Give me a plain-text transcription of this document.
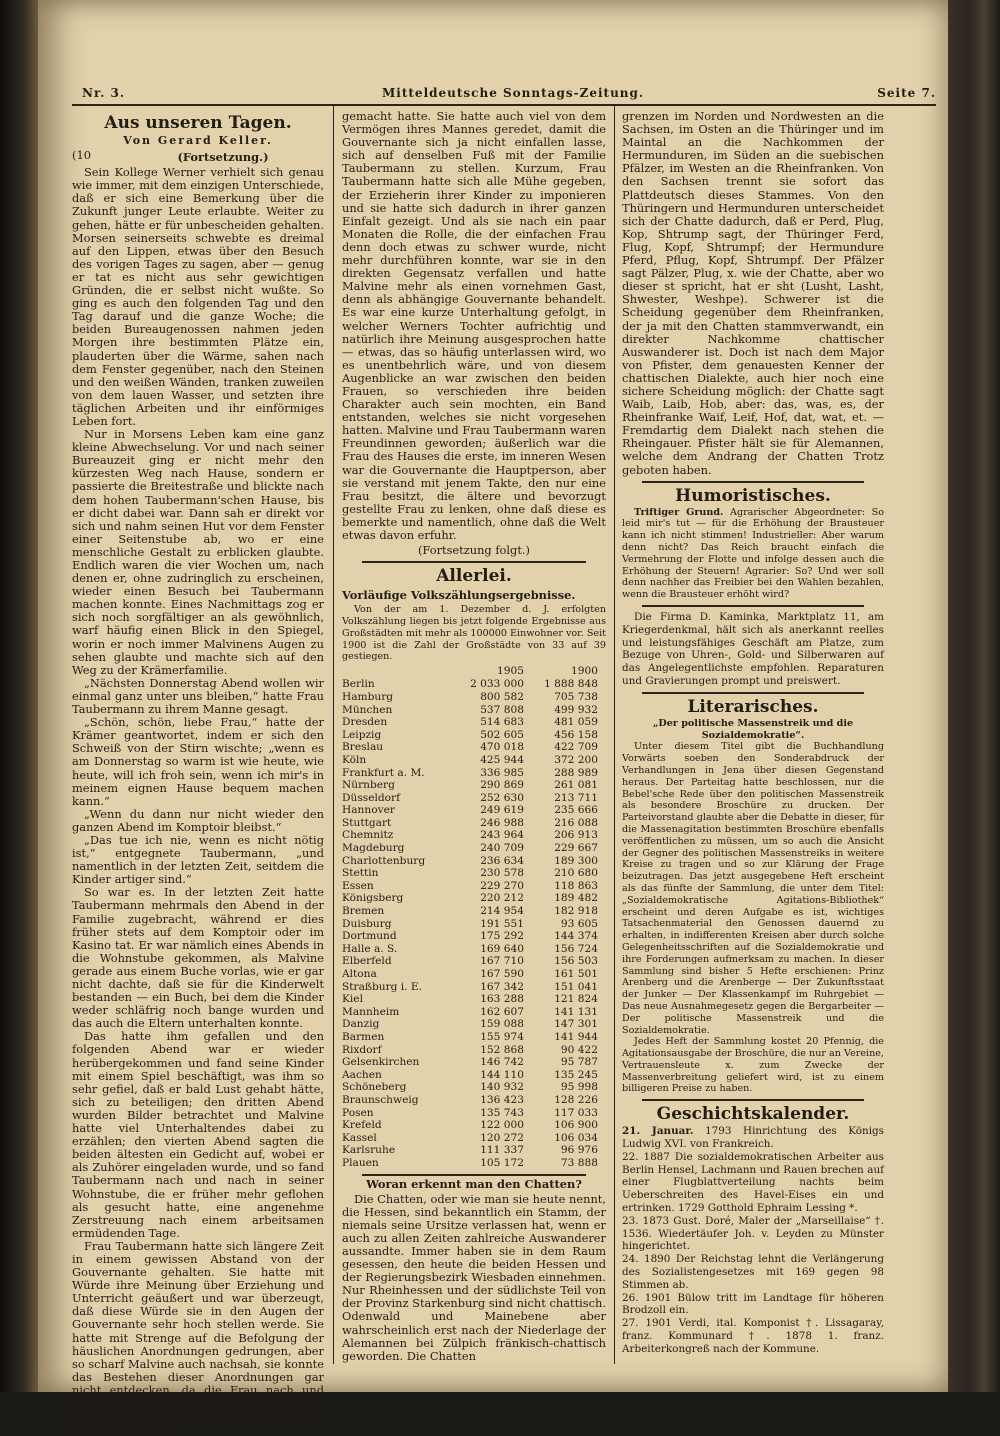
Nr. 3.	Mitteldeutsche Sonntags-Zeitung.	Seite 7.
Aus unseren Tagen.
Von Gerard Keller.
(10	(Fortsetzung.)

Sein Kollege Werner verhielt sich genau wie immer, mit dem einzigen Unterschiede, daß er sich eine Bemerkung über die Zukunft junger Leute erlaubte. Weiter zu gehen, hätte er für unbescheiden gehalten. Morsen seinerseits schwebte es dreimal auf den Lippen, etwas über den Besuch des vorigen Tages zu sagen, aber — genug er tat es nicht aus sehr gewichtigen Gründen, die er selbst nicht wußte. So ging es auch den folgenden Tag und den Tag darauf und die ganze Woche; die beiden Bureaugenossen nahmen jeden Morgen ihre bestimmten Plätze ein, plauderten über die Wärme, sahen nach dem Fenster gegenüber, nach den Steinen und den weißen Wänden, tranken zuweilen von dem lauen Wasser, und setzten ihre täglichen Arbeiten und ihr einförmiges Leben fort.

Nur in Morsens Leben kam eine ganz kleine Abwechselung. Vor und nach seiner Bureauzeit ging er nicht mehr den kürzesten Weg nach Hause, sondern er passierte die Breitestraße und blickte nach dem hohen Taubermann'schen Hause, bis er dicht dabei war. Dann sah er direkt vor sich und nahm seinen Hut vor dem Fenster einer Seitenstube ab, wo er eine menschliche Gestalt zu erblicken glaubte. Endlich waren die vier Wochen um, nach denen er, ohne zudringlich zu erscheinen, wieder einen Besuch bei Taubermann machen konnte. Eines Nachmittags zog er sich noch sorgfältiger an als gewöhnlich, warf häufig einen Blick in den Spiegel, worin er noch immer Malvinens Augen zu sehen glaubte und machte sich auf den Weg zu der Krämerfamilie.

„Nächsten Donnerstag Abend wollen wir einmal ganz unter uns bleiben,“ hatte Frau Taubermann zu ihrem Manne gesagt.

„Schön, schön, liebe Frau,“ hatte der Krämer geantwortet, indem er sich den Schweiß von der Stirn wischte; „wenn es am Donnerstag so warm ist wie heute, wie heute, will ich froh sein, wenn ich mir's in meinem eignen Hause bequem machen kann.“

„Wenn du dann nur nicht wieder den ganzen Abend im Komptoir bleibst.“

„Das tue ich nie, wenn es nicht nötig ist,“ entgegnete Taubermann, „und namentlich in der letzten Zeit, seitdem die Kinder artiger sind.“

So war es. In der letzten Zeit hatte Taubermann mehrmals den Abend in der Familie zugebracht, während er dies früher stets auf dem Komptoir oder im Kasino tat. Er war nämlich eines Abends in die Wohnstube gekommen, als Malvine gerade aus einem Buche vorlas, wie er gar nicht dachte, daß sie für die Kinderwelt bestanden — ein Buch, bei dem die Kinder weder schläfrig noch bange wurden und das auch die Eltern unterhalten konnte.

Das hatte ihm gefallen und den folgenden Abend war er wieder herübergekommen und fand seine Kinder mit einem Spiel beschäftigt, was ihm so sehr gefiel, daß er bald Lust gehabt hätte, sich zu beteiligen; den dritten Abend wurden Bilder betrachtet und Malvine hatte viel Unterhaltendes dabei zu erzählen; den vierten Abend sagten die beiden ältesten ein Gedicht auf, wobei er als Zuhörer eingeladen wurde, und so fand Taubermann nach und nach in seiner Wohnstube, die er früher mehr geflohen als gesucht hatte, eine angenehme Zerstreuung nach einem arbeitsamen ermüdenden Tage.

Frau Taubermann hatte sich längere Zeit in einem gewissen Abstand von der Gouvernante gehalten. Sie hatte mit Würde ihre Meinung über Erziehung und Unterricht geäußert und war überzeugt, daß diese Würde sie in den Augen der Gouvernante sehr hoch stellen werde. Sie hatte mit Strenge auf die Befolgung der häuslichen Anordnungen gedrungen, aber so scharf Malvine auch nachsah, sie konnte das Bestehen dieser Anordnungen gar nicht entdecken, da die Frau nach und nach die Sklavin ihrer Kinder geworden war und ihre ganze Haushaltung von diesen abhängig

gemacht hatte. Sie hatte auch viel von dem Vermögen ihres Mannes geredet, damit die Gouvernante sich ja nicht einfallen lasse, sich auf denselben Fuß mit der Familie Taubermann zu stellen. Kurzum, Frau Taubermann hatte sich alle Mühe gegeben, der Erzieherin ihrer Kinder zu imponieren und sie hatte sich dadurch in ihrer ganzen Einfalt gezeigt. Und als sie nach ein paar Monaten die Rolle, die der einfachen Frau denn doch etwas zu schwer wurde, nicht mehr durchführen konnte, war sie in den direkten Gegensatz verfallen und hatte Malvine mehr als einen vornehmen Gast, denn als abhängige Gouvernante behandelt. Es war eine kurze Unterhaltung gefolgt, in welcher Werners Tochter aufrichtig und natürlich ihre Meinung ausgesprochen hatte — etwas, das so häufig unterlassen wird, wo es unentbehrlich wäre, und von diesem Augenblicke an war zwischen den beiden Frauen, so verschieden ihre beiden Charakter auch sein mochten, ein Band entstanden, welches sie nicht vorgesehen hatten. Malvine und Frau Taubermann waren Freundinnen geworden; äußerlich war die Frau des Hauses die erste, im inneren Wesen war die Gouvernante die Hauptperson, aber sie verstand mit jenem Takte, den nur eine Frau besitzt, die ältere und bevorzugt gestellte Frau zu lenken, ohne daß diese es bemerkte und namentlich, ohne daß die Welt etwas davon erfuhr.

(Fortsetzung folgt.)
Allerlei.
Vorläufige Volkszählungsergebnisse.

Von der am 1. Dezember d. J. erfolgten Volkszählung liegen bis jetzt folgende Ergebnisse aus Großstädten mit mehr als 100000 Einwohner vor. Seit 1900 ist die Zahl der Großstädte von 33 auf 39 gestiegen.

1905	1900
Berlin	2 033 000	1 888 848
Hamburg	800 582	705 738
München	537 808	499 932
Dresden	514 683	481 059
Leipzig	502 605	456 158
Breslau	470 018	422 709
Köln	425 944	372 200
Frankfurt a. M.	336 985	288 989
Nürnberg	290 869	261 081
Düsseldorf	252 630	213 711
Hannover	249 619	235 666
Stuttgart	246 988	216 088
Chemnitz	243 964	206 913
Magdeburg	240 709	229 667
Charlottenburg	236 634	189 300
Stettin	230 578	210 680
Essen	229 270	118 863
Königsberg	220 212	189 482
Bremen	214 954	182 918
Duisburg	191 551	93 605
Dortmund	175 292	144 374
Halle a. S.	169 640	156 724
Elberfeld	167 710	156 503
Altona	167 590	161 501
Straßburg i. E.	167 342	151 041
Kiel	163 288	121 824
Mannheim	162 607	141 131
Danzig	159 088	147 301
Barmen	155 974	141 944
Rixdorf	152 868	90 422
Gelsenkirchen	146 742	95 787
Aachen	144 110	135 245
Schöneberg	140 932	95 998
Braunschweig	136 423	128 226
Posen	135 743	117 033
Krefeld	122 000	106 900
Kassel	120 272	106 034
Karlsruhe	111 337	96 976
Plauen	105 172	73 888
Woran erkennt man den Chatten?

Die Chatten, oder wie man sie heute nennt, die Hessen, sind bekanntlich ein Stamm, der niemals seine Ursitze verlassen hat, wenn er auch zu allen Zeiten zahlreiche Auswanderer aussandte. Immer haben sie in dem Raum gesessen, den heute die beiden Hessen und der Regierungsbezirk Wiesbaden einnehmen. Nur Rheinhessen und der südlichste Teil von der Provinz Starkenburg sind nicht chattisch. Odenwald und Mainebene aber wahrscheinlich erst nach der Niederlage der Alemannen bei Zülpich fränkisch-chattisch geworden. Die Chatten

grenzen im Norden und Nordwesten an die Sachsen, im Osten an die Thüringer und im Maintal an die Nachkommen der Hermunduren, im Süden an die suebischen Pfälzer, im Westen an die Rheinfranken. Von den Sachsen trennt sie sofort das Plattdeutsch dieses Stammes. Von den Thüringern und Hermunduren unterscheidet sich der Chatte dadurch, daß er Perd, Plug, Kop, Shtrump sagt, der Thüringer Ferd, Flug, Kopf, Shtrumpf; der Hermundure Pferd, Pflug, Kopf, Shtrumpf. Der Pfälzer sagt Pälzer, Plug, x. wie der Chatte, aber wo dieser st spricht, hat er sht (Lusht, Lasht, Shwester, Weshpe). Schwerer ist die Scheidung gegenüber dem Rheinfranken, der ja mit den Chatten stammverwandt, ein direkter Nachkomme chattischer Auswanderer ist. Doch ist nach dem Major von Pfister, dem genauesten Kenner der chattischen Dialekte, auch hier noch eine sichere Scheidung möglich: der Chatte sagt Waib, Laib, Hob, aber: das, was, es, der Rheinfranke Waif, Leif, Hof, dat, wat, et. — Fremdartig dem Dialekt nach stehen die Rheingauer. Pfister hält sie für Alemannen, welche dem Andrang der Chatten Trotz geboten haben.

Humoristisches.

Triftiger Grund. Agrarischer Abgeordneter: So leid mir's tut — für die Erhöhung der Brausteuer kann ich nicht stimmen! Industrieller: Aber warum denn nicht? Das Reich braucht einfach die Vermehrung der Flotte und infolge dessen auch die Erhöhung der Steuern! Agrarier: So? Und wer soll denn nachher das Freibier bei den Wahlen bezahlen, wenn die Brausteuer erhöht wird?

Die Firma D. Kaminka, Marktplatz 11, am Kriegerdenkmal, hält sich als anerkannt reelles und leistungsfähiges Geschäft am Platze, zum Bezuge von Uhren-, Gold- und Silberwaren auf das Angelegentlichste empfohlen. Reparaturen und Gravierungen prompt und preiswert.

Literarisches.
„Der politische Massenstreik und die Sozialdemokratie“.

Unter diesem Titel gibt die Buchhandlung Vorwärts soeben den Sonderabdruck der Verhandlungen in Jena über diesen Gegenstand heraus. Der Parteitag hatte beschlossen, nur die Bebel'sche Rede über den politischen Massenstreik als besondere Broschüre zu drucken. Der Parteivorstand glaubte aber die Debatte in dieser, für die Massenagitation bestimmten Broschüre ebenfalls veröffentlichen zu müssen, um so auch die Ansicht der Gegner des politischen Massenstreiks in weitere Kreise zu tragen und so zur Klärung der Frage beizutragen. Das jetzt ausgegebene Heft erscheint als das fünfte der Sammlung, die unter dem Titel: „Sozialdemokratische Agitations-Bibliothek“ erscheint und deren Aufgabe es ist, wichtiges Tatsachenmaterial den Genossen dauernd zu erhalten, in indifferenten Kreisen aber durch solche Gelegenheitsschriften auf die Sozialdemokratie und ihre Forderungen aufmerksam zu machen. In dieser Sammlung sind bisher 5 Hefte erschienen: Prinz Arenberg und die Arenberge — Der Zukunftsstaat der Junker — Der Klassenkampf im Ruhrgebiet — Das neue Ausnahmegesetz gegen die Bergarbeiter — Der politische Massenstreik und die Sozialdemokratie.

Jedes Heft der Sammlung kostet 20 Pfennig, die Agitationsausgabe der Broschüre, die nur an Vereine, Vertrauensleute x. zum Zwecke der Massenverbreitung geliefert wird, ist zu einem billigeren Preise zu haben.

Geschichtskalender.
21. Januar. 1793 Hinrichtung des Königs Ludwig XVI. von Frankreich.
22. 1887 Die sozialdemokratischen Arbeiter aus Berlin Hensel, Lachmann und Rauen brechen auf einer Flugblattverteilung nachts beim Ueberschreiten des Havel-Eises ein und ertrinken. 1729 Gotthold Ephraim Lessing *.
23. 1873 Gust. Doré, Maler der „Marseillaise“ †. 1536. Wiedertäufer Joh. v. Leyden zu Münster hingerichtet.
24. 1890 Der Reichstag lehnt die Verlängerung des Sozialistengesetzes mit 169 gegen 98 Stimmen ab.
26. 1901 Bülow tritt im Landtage für höheren Brodzoll ein.
27. 1901 Verdi, ital. Komponist †. Lissagaray, franz. Kommunard †. 1878 1. franz. Arbeiterkongreß nach der Kommune.
